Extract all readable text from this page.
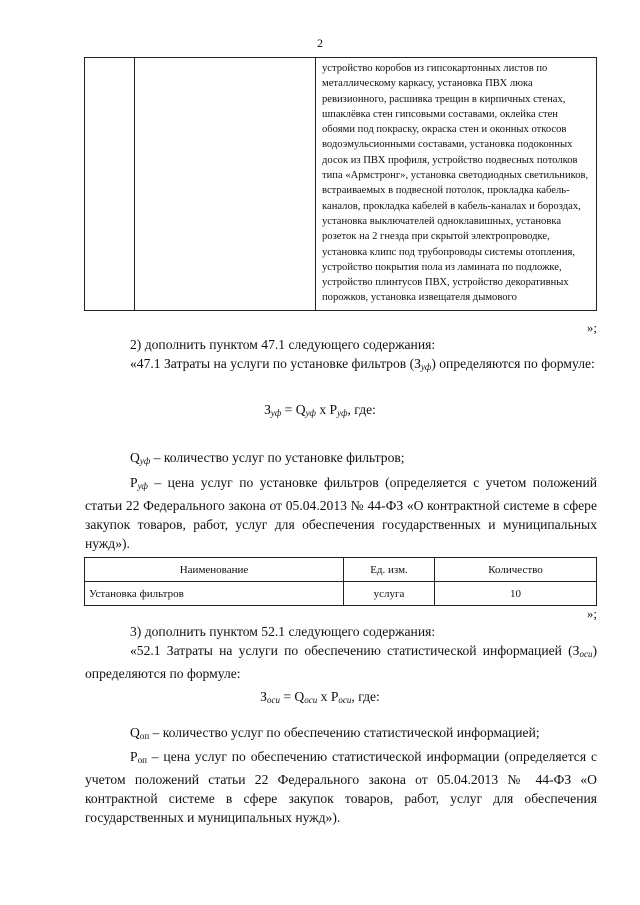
2
		устройство коробов из гипсокартонных листов по металлическому каркасу, установка ПВХ люка ревизионного, расшивка трещин в кирпичных стенах, шпаклёвка стен гипсовыми составами, оклейка стен обоями под покраску, окраска стен и оконных откосов водоэмульсионными составами, установка подоконных досок из ПВХ профиля, устройство подвесных потолков типа «Армстронг», установка светодиодных светильников, встраиваемых в подвесной потолок, прокладка кабель-каналов, прокладка кабелей в кабель-каналах и бороздах, установка выключателей одноклавишных, установка розеток на 2 гнезда при скрытой электропроводке, установка клипс под трубопроводы системы отопления, устройство покрытия пола из ламината по подложке, устройство плинтусов ПВХ, устройство декоративных порожков, установка извещателя дымового
»;
2) дополнить пунктом 47.1 следующего содержания:
«47.1 Затраты на услуги по установке фильтров $(З_{уф})$ определяются по формуле:
$З_{уф} = Q_{уф}$ х $Р_{уф}$, где:
$Q_{уф}$ – количество услуг по установке фильтров;
$Р_{уф}$ – цена услуг по установке фильтров (определяется с учетом положений статьи 22 Федерального закона от 05.04.2013 № 44-ФЗ «О контрактной системе в сфере закупок товаров, работ, услуг для обеспечения государственных и муниципальных нужд»).
Наименование	Ед. изм.	Количество
Установка фильтров	услуга	10
»;
3) дополнить пунктом 52.1 следующего содержания:
«52.1 Затраты на услуги по обеспечению статистической информацией $(З_{оси})$ определяются по формуле:
$З_{оси} = Q_{оси}$ х $Р_{оси}$, где:
Qоп – количество услуг по обеспечению статистической информацией;
Роп – цена услуг по обеспечению статистической информации (определяется с учетом положений статьи 22 Федерального закона от 05.04.2013 № 44-ФЗ «О контрактной системе в сфере закупок товаров, работ, услуг для обеспечения государственных и муниципальных нужд»).
